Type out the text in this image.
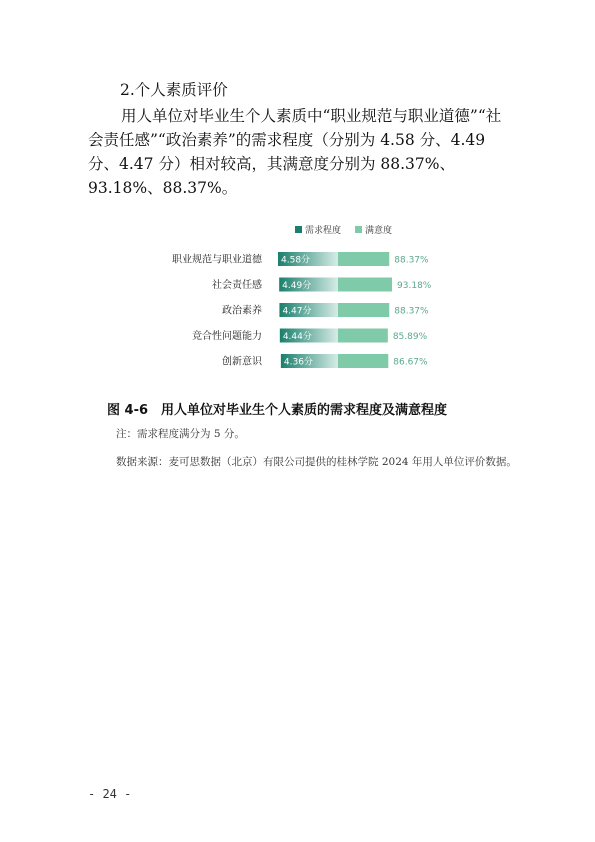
2.个人素质评价
用人单位对毕业生个人素质中“职业规范与职业道德”“社会责任感”“政治素养”的需求程度（分别为 4.58 分、4.49 分、4.47 分）相对较高，其满意度分别为 88.37%、93.18%、88.37%。
需求程度	满意度
职业规范与职业道德 4.58分	88.37%
社会责任感 4.49分	93.18%
政治素养 4.47分	88.37%
竞合性问题能力 4.44分	85.89%
创新意识 4.36分	86.67%
图 4-6　用人单位对毕业生个人素质的需求程度及满意程度
注：需求程度满分为 5 分。
数据来源：麦可思数据（北京）有限公司提供的桂林学院 2024 年用人单位评价数据。
- 24 -
